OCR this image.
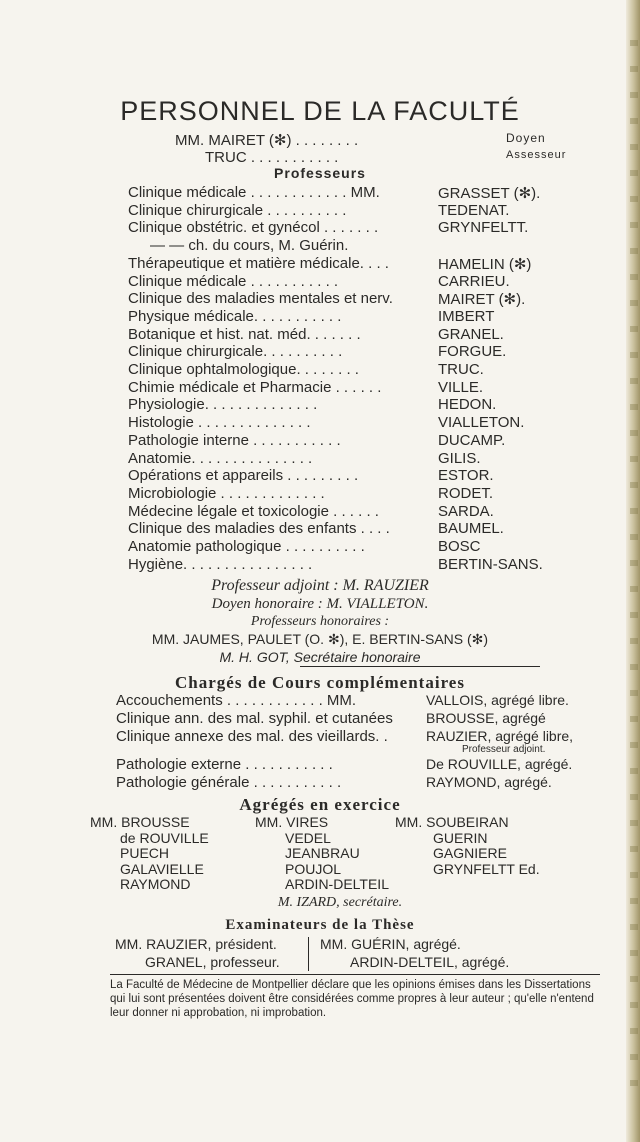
PERSONNEL DE LA FACULTÉ
MM. MAIRET (✻) . . . . . . . .	Doyen
TRUC . . . . . . . . . . .	Assesseur
Professeurs
Clinique médicale . . . . . . . . . . . . MM.	GRASSET (✻).
Clinique chirurgicale . . . . . . . . . .	TEDENAT.
Clinique obstétric. et gynécol . . . . . . .	GRYNFELTT.
— — ch. du cours, M. Guérin.
Thérapeutique et matière médicale. . . .	HAMELIN (✻)
Clinique médicale . . . . . . . . . . .	CARRIEU.
Clinique des maladies mentales et nerv.	MAIRET (✻).
Physique médicale. . . . . . . . . . .	IMBERT
Botanique et hist. nat. méd. . . . . . .	GRANEL.
Clinique chirurgicale. . . . . . . . . .	FORGUE.
Clinique ophtalmologique. . . . . . . .	TRUC.
Chimie médicale et Pharmacie . . . . . .	VILLE.
Physiologie. . . . . . . . . . . . . .	HEDON.
Histologie . . . . . . . . . . . . . .	VIALLETON.
Pathologie interne . . . . . . . . . . .	DUCAMP.
Anatomie. . . . . . . . . . . . . . .	GILIS.
Opérations et appareils . . . . . . . . .	ESTOR.
Microbiologie . . . . . . . . . . . . .	RODET.
Médecine légale et toxicologie . . . . . .	SARDA.
Clinique des maladies des enfants . . . .	BAUMEL.
Anatomie pathologique . . . . . . . . . .	BOSC
Hygiène. . . . . . . . . . . . . . . .	BERTIN-SANS.
Professeur adjoint : M. RAUZIER
Doyen honoraire : M. VIALLETON.
Professeurs honoraires :
MM. JAUMES, PAULET (O. ✻), E. BERTIN-SANS (✻)
M. H. GOT, Secrétaire honoraire
Chargés de Cours complémentaires
Accouchements . . . . . . . . . . . . MM.	VALLOIS, agrégé libre.
Clinique ann. des mal. syphil. et cutanées BROUSSE, agrégé
Clinique annexe des mal. des vieillards. .	RAUZIER, agrégé libre,
Professeur adjoint.
Pathologie externe . . . . . . . . . . .	De ROUVILLE, agrégé.
Pathologie générale . . . . . . . . . . .	RAYMOND, agrégé.
Agrégés en exercice
MM. BROUSSE
de ROUVILLE
PUECH
GALAVIELLE
RAYMOND
MM. VIRES
VEDEL
JEANBRAU
POUJOL
ARDIN-DELTEIL
MM. SOUBEIRAN
GUERIN
GAGNIERE
GRYNFELTT Ed.
M. IZARD, secrétaire.
Examinateurs de la Thèse
MM. RAUZIER, président.
GRANEL, professeur.
MM. GUÉRIN, agrégé.
ARDIN-DELTEIL, agrégé.
La Faculté de Médecine de Montpellier déclare que les opinions émises dans les Dissertations qui lui sont présentées doivent être considérées comme propres à leur auteur ; qu'elle n'entend leur donner ni approbation, ni improbation.
